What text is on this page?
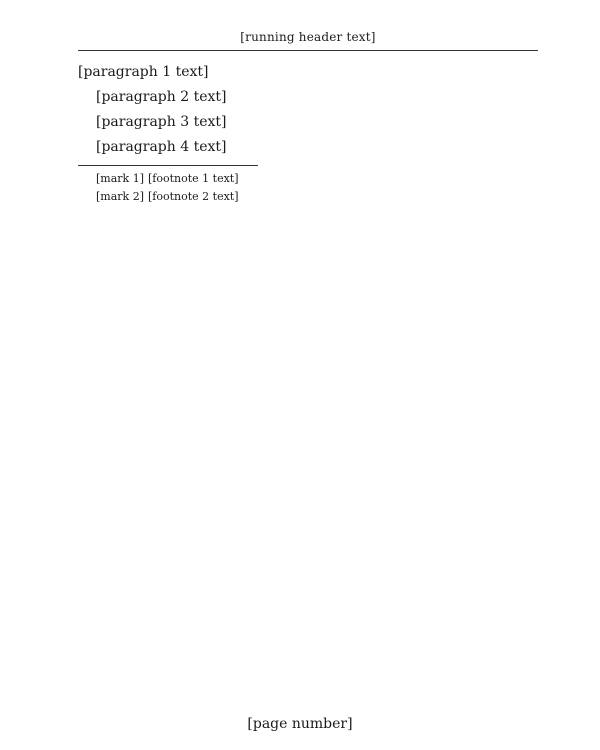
[running header text]

[paragraph 1 text]

[paragraph 2 text]

[paragraph 3 text]

[paragraph 4 text]

[mark 1] [footnote 1 text]

[mark 2] [footnote 2 text]

[page number]
